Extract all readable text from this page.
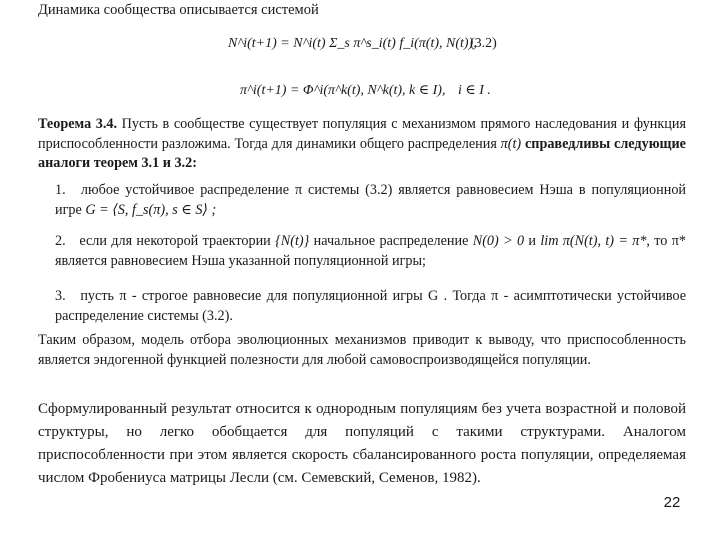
Динамика сообщества описывается системой
N^i(t+1) = N^i(t) Σ_s π^s_i(t) f_i(π(t), N(t)),
(3.2)
π^i(t+1) = Φ^i(π^k(t), N^k(t), k ∈ I), i ∈ I .
Теорема 3.4. Пусть в сообществе существует популяция с механизмом прямого наследования и функция приспособленности разложима. Тогда для динамики общего распределения π(t) справедливы следующие аналоги теорем 3.1 и 3.2:
1. любое устойчивое распределение π системы (3.2) является равновесием Нэша в популяционной игре G = ⟨S, f_s(π), s ∈ S⟩ ;
2. если для некоторой траектории {N(t)} начальное распределение N(0) > 0 и lim π(N(t), t) = π*, то π* является равновесием Нэша указанной популяционной игры;
3. пусть π - строгое равновесие для популяционной игры G . Тогда π - асимптотически устойчивое распределение системы (3.2).
Таким образом, модель отбора эволюционных механизмов приводит к выводу, что приспособленность является эндогенной функцией полезности для любой самовоспроизводящейся популяции.
Сформулированный результат относится к однородным популяциям без учета возрастной и половой структуры, но легко обобщается для популяций с такими структурами. Аналогом приспособленности при этом является скорость сбалансированного роста популяции, определяемая числом Фробениуса матрицы Лесли (см. Семевский, Семенов, 1982).
22
